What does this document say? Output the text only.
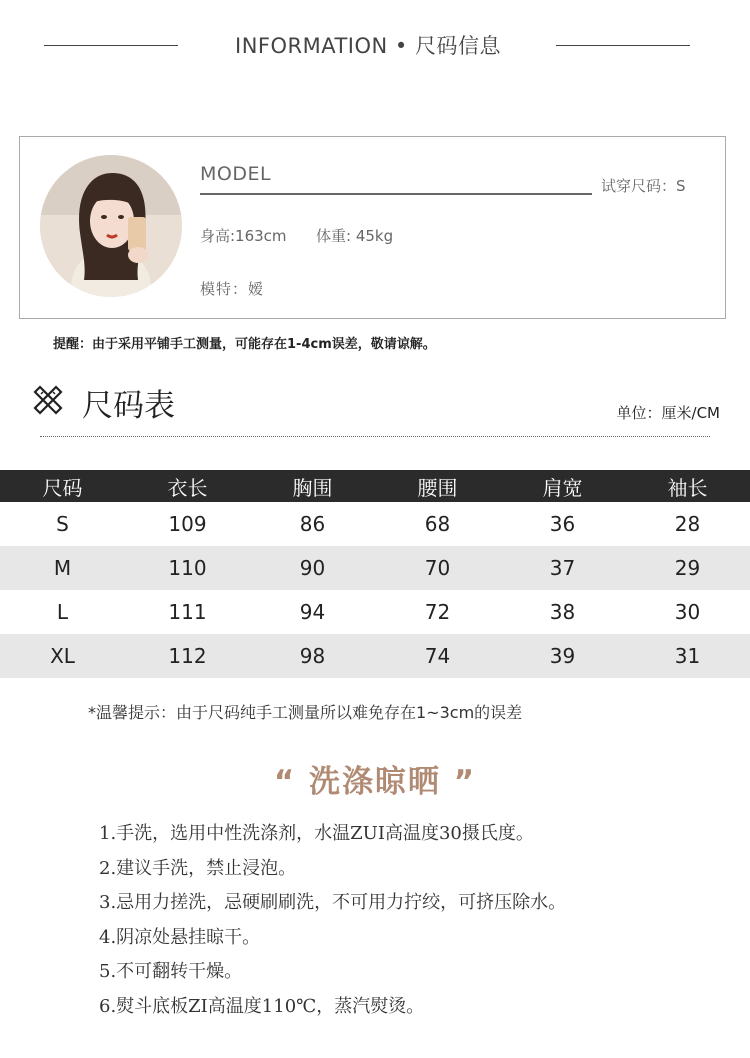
INFORMATION • 尺码信息
MODEL
试穿尺码：S
身高:163cm 体重: 45kg
模特：嫒
提醒：由于采用平铺手工测量，可能存在1-4cm误差，敬请谅解。
尺码表	单位：厘米/CM
尺码	衣长	胸围	腰围	肩宽	袖长
S	109	86	68	36	28
M	110	90	70	37	29
L	111	94	72	38	30
XL	112	98	74	39	31
*温馨提示：由于尺码纯手工测量所以难免存在1~3cm的误差
“ 洗涤晾晒 ”
1.手洗，选用中性洗涤剂，水温ZUI高温度30摄氏度。
2.建议手洗，禁止浸泡。
3.忌用力搓洗，忌硬刷刷洗，不可用力拧绞，可挤压除水。
4.阴凉处悬挂晾干。
5.不可翻转干燥。
6.熨斗底板ZI高温度110℃，蒸汽熨烫。
